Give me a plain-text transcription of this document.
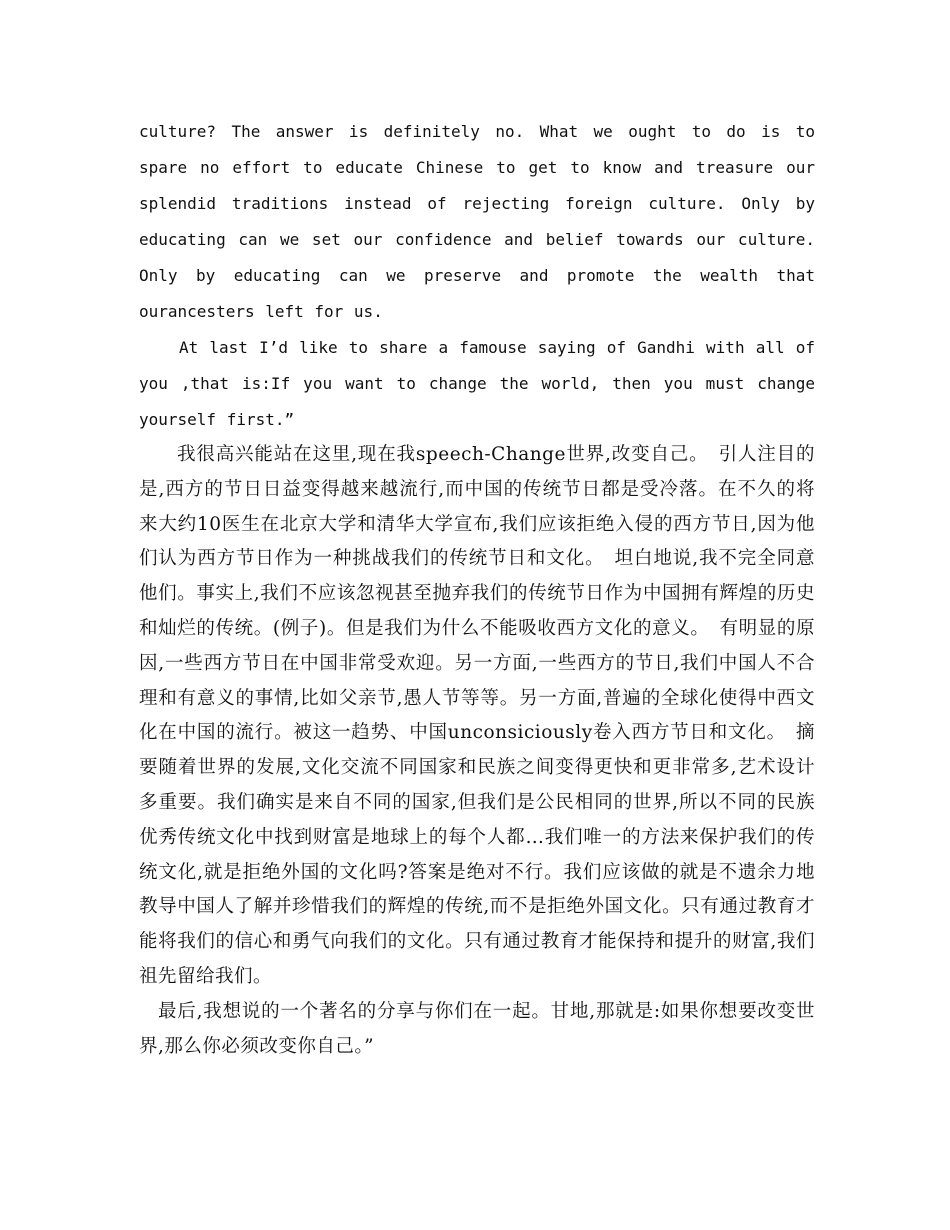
culture? The answer is definitely no. What we ought to do is to spare no effort to educate Chinese to get to know and treasure our splendid traditions instead of rejecting foreign culture. Only by educating can we set our confidence and belief towards our culture. Only by educating can we preserve and promote the wealth that ourancesters left for us.

At last I’d like to share a famouse saying of Gandhi with all of you ,that is:If you want to change the world, then you must change yourself first.”

我很高兴能站在这里,现在我speech-Change世界,改变自己。　引人注目的是,西方的节日日益变得越来越流行,而中国的传统节日都是受冷落。在不久的将来大约10医生在北京大学和清华大学宣布,我们应该拒绝入侵的西方节日,因为他们认为西方节日作为一种挑战我们的传统节日和文化。　坦白地说,我不完全同意他们。事实上,我们不应该忽视甚至抛弃我们的传统节日作为中国拥有辉煌的历史和灿烂的传统。(例子)。但是我们为什么不能吸收西方文化的意义。　有明显的原因,一些西方节日在中国非常受欢迎。另一方面,一些西方的节日,我们中国人不合理和有意义的事情,比如父亲节,愚人节等等。另一方面,普遍的全球化使得中西文化在中国的流行。被这一趋势、中国unconsiciously卷入西方节日和文化。　摘要随着世界的发展,文化交流不同国家和民族之间变得更快和更非常多,艺术设计多重要。我们确实是来自不同的国家,但我们是公民相同的世界,所以不同的民族优秀传统文化中找到财富是地球上的每个人都…我们唯一的方法来保护我们的传统文化,就是拒绝外国的文化吗?答案是绝对不行。我们应该做的就是不遗余力地教导中国人了解并珍惜我们的辉煌的传统,而不是拒绝外国文化。只有通过教育才能将我们的信心和勇气向我们的文化。只有通过教育才能保持和提升的财富,我们祖先留给我们。

最后,我想说的一个著名的分享与你们在一起。甘地,那就是:如果你想要改变世界,那么你必须改变你自己。”
